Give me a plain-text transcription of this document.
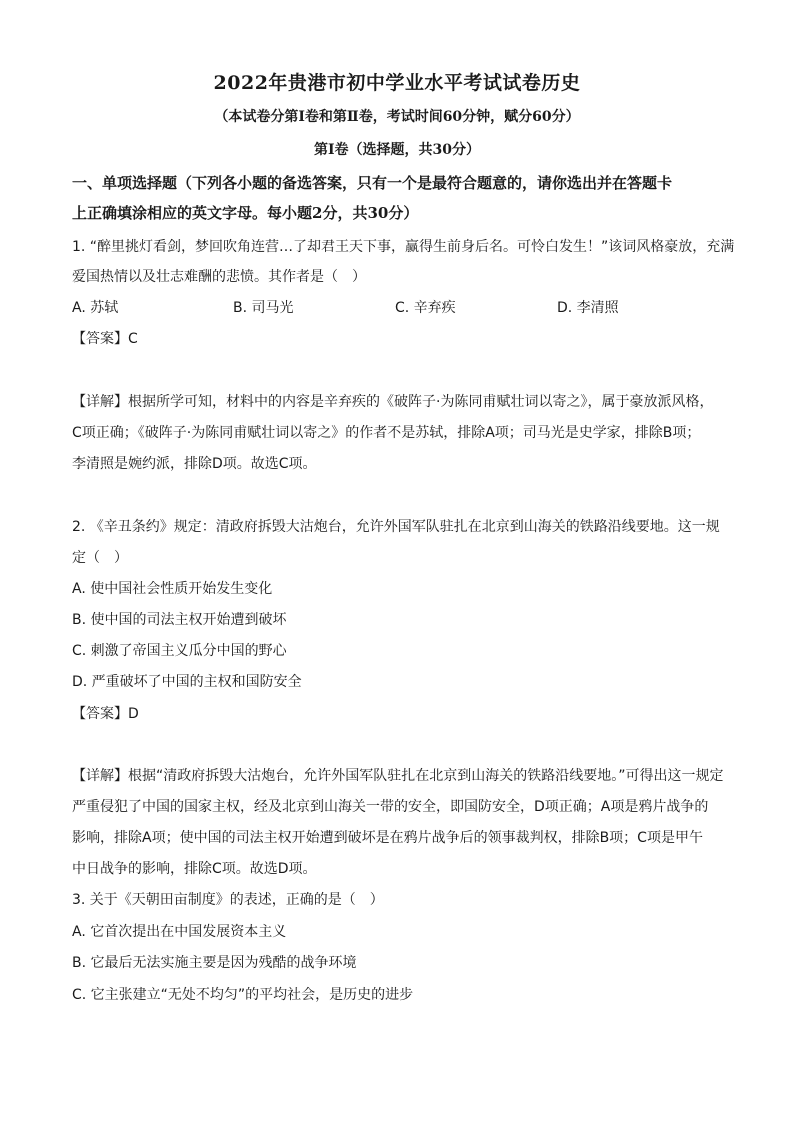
2022年贵港市初中学业水平考试试卷历史
（本试卷分第Ⅰ卷和第Ⅱ卷，考试时间60分钟，赋分60分）
第Ⅰ卷（选择题，共30分）
一、单项选择题（下列各小题的备选答案，只有一个是最符合题意的，请你选出并在答题卡
上正确填涂相应的英文字母。每小题2分，共30分）
1. “醉里挑灯看剑，梦回吹角连营…了却君王天下事，赢得生前身后名。可怜白发生！”该词风格豪放，充满
爱国热情以及壮志难酬的悲愤。其作者是（　）
A. 苏轼	B. 司马光	C. 辛弃疾	D. 李清照
【答案】C
【详解】根据所学可知，材料中的内容是辛弃疾的《破阵子·为陈同甫赋壮词以寄之》，属于豪放派风格，
C项正确；《破阵子·为陈同甫赋壮词以寄之》的作者不是苏轼，排除A项；司马光是史学家，排除B项；
李清照是婉约派，排除D项。故选C项。
2. 《辛丑条约》规定：清政府拆毁大沽炮台，允许外国军队驻扎在北京到山海关的铁路沿线要地。这一规
定（　）
A. 使中国社会性质开始发生变化
B. 使中国的司法主权开始遭到破坏
C. 刺激了帝国主义瓜分中国的野心
D. 严重破坏了中国的主权和国防安全
【答案】D
【详解】根据“清政府拆毁大沽炮台，允许外国军队驻扎在北京到山海关的铁路沿线要地。”可得出这一规定
严重侵犯了中国的国家主权，经及北京到山海关一带的安全，即国防安全，D项正确；A项是鸦片战争的
影响，排除A项；使中国的司法主权开始遭到破坏是在鸦片战争后的领事裁判权，排除B项；C项是甲午
中日战争的影响，排除C项。故选D项。
3. 关于《天朝田亩制度》的表述，正确的是（　）
A. 它首次提出在中国发展资本主义
B. 它最后无法实施主要是因为残酷的战争环境
C. 它主张建立“无处不均匀”的平均社会，是历史的进步
